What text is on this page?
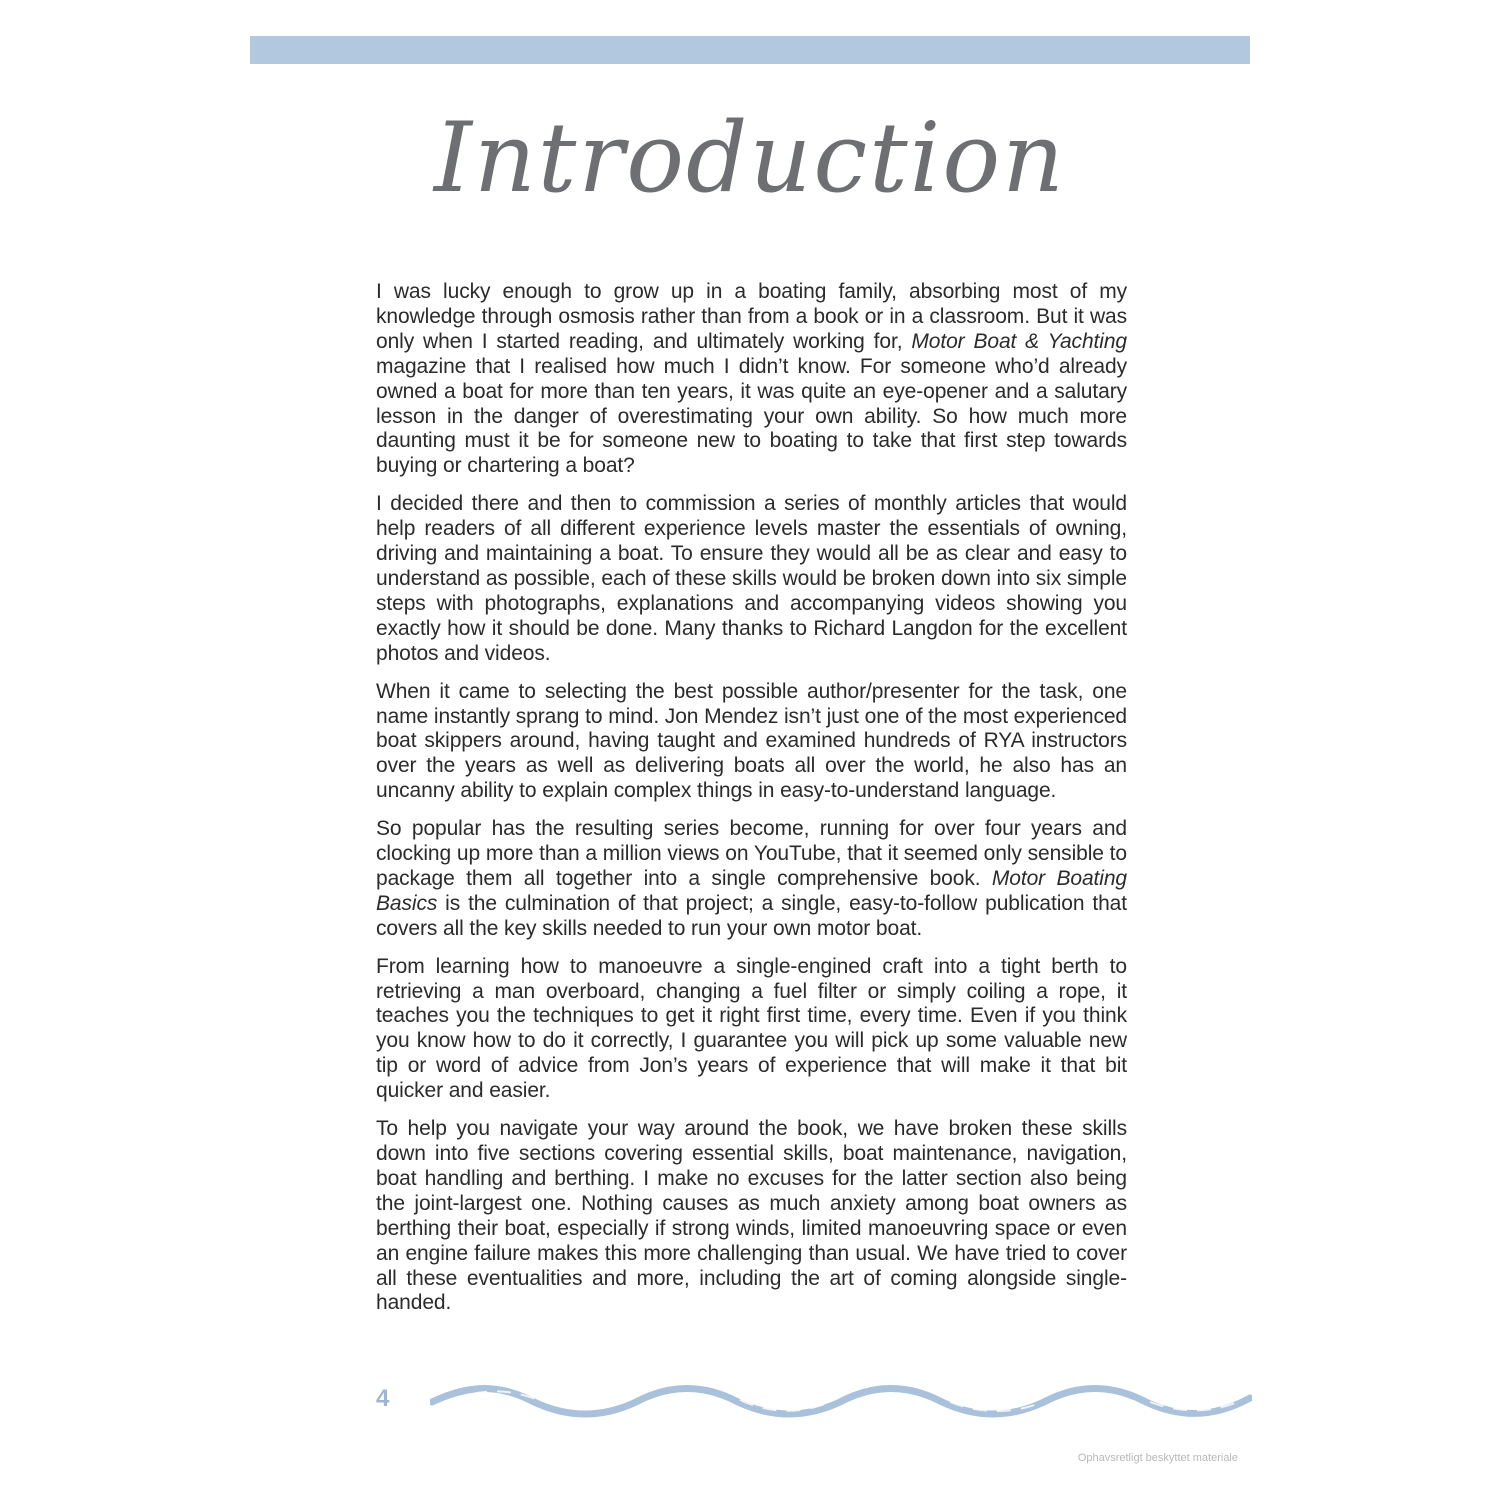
Introduction

I was lucky enough to grow up in a boating family, absorbing most of my knowledge through osmosis rather than from a book or in a classroom. But it was only when I started reading, and ultimately working for, Motor Boat & Yachting magazine that I realised how much I didn’t know. For someone who’d already owned a boat for more than ten years, it was quite an eye-opener and a salutary lesson in the danger of overestimating your own ability. So how much more daunting must it be for someone new to boating to take that first step towards buying or chartering a boat?

I decided there and then to commission a series of monthly articles that would help readers of all different experience levels master the essentials of owning, driving and maintaining a boat. To ensure they would all be as clear and easy to understand as possible, each of these skills would be broken down into six simple steps with photographs, explanations and accompanying videos showing you exactly how it should be done. Many thanks to Richard Langdon for the excellent photos and videos.

When it came to selecting the best possible author/presenter for the task, one name instantly sprang to mind. Jon Mendez isn’t just one of the most experienced boat skippers around, having taught and examined hundreds of RYA instructors over the years as well as delivering boats all over the world, he also has an uncanny ability to explain complex things in easy-to-understand language.

So popular has the resulting series become, running for over four years and clocking up more than a million views on YouTube, that it seemed only sensible to package them all together into a single comprehensive book. Motor Boating Basics is the culmination of that project; a single, easy-to-follow publication that covers all the key skills needed to run your own motor boat.

From learning how to manoeuvre a single-engined craft into a tight berth to retrieving a man overboard, changing a fuel filter or simply coiling a rope, it teaches you the techniques to get it right first time, every time. Even if you think you know how to do it correctly, I guarantee you will pick up some valuable new tip or word of advice from Jon’s years of experience that will make it that bit quicker and easier.

To help you navigate your way around the book, we have broken these skills down into five sections covering essential skills, boat maintenance, navigation, boat handling and berthing. I make no excuses for the latter section also being the joint-largest one. Nothing causes as much anxiety among boat owners as berthing their boat, especially if strong winds, limited manoeuvring space or even an engine failure makes this more challenging than usual. We have tried to cover all these eventualities and more, including the art of coming alongside single-handed.

4
Ophavsretligt beskyttet materiale
